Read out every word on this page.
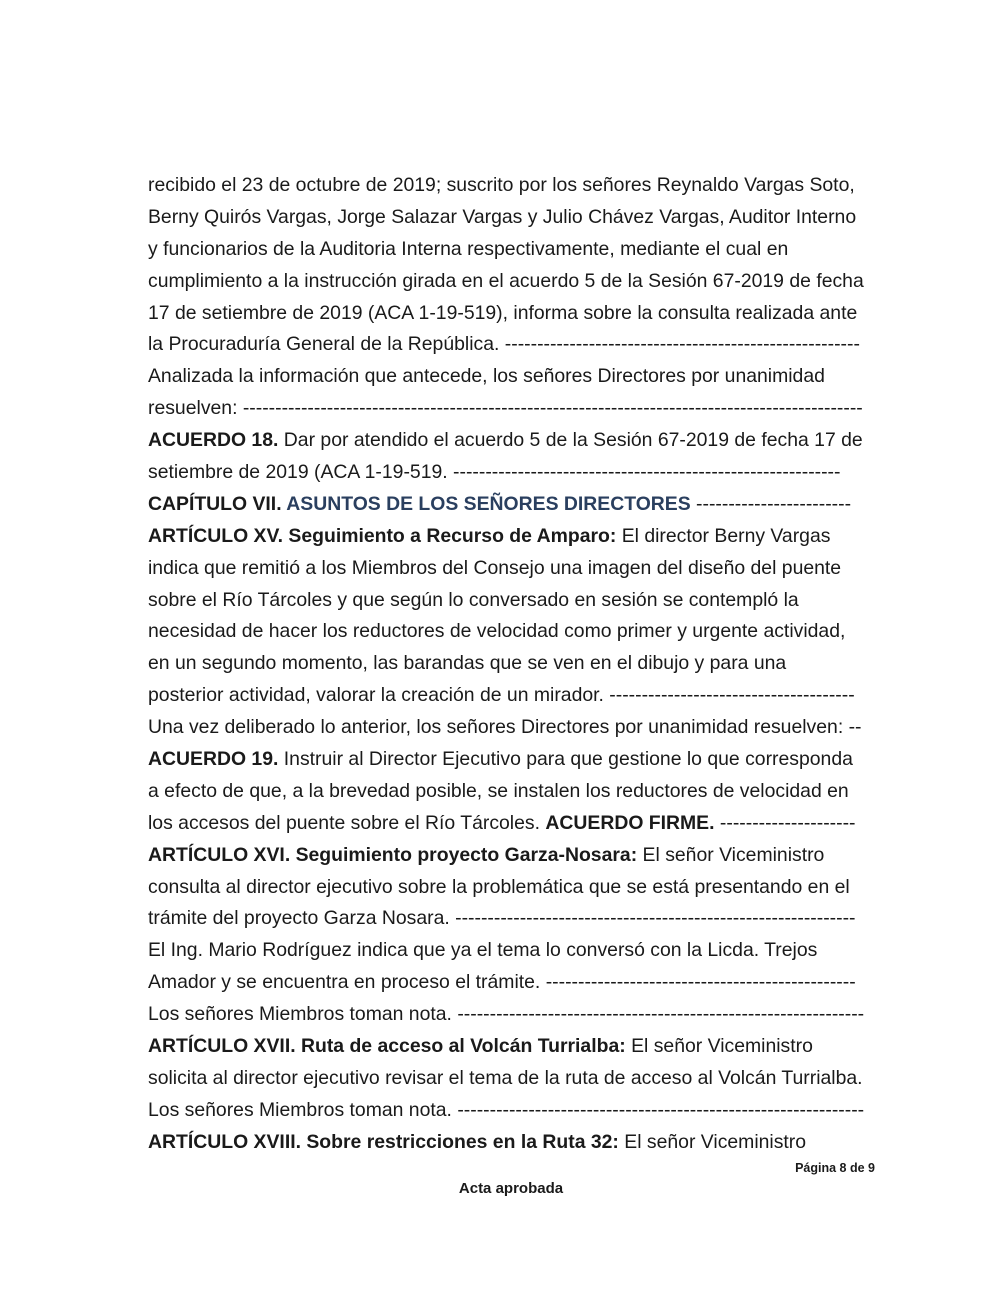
recibido el 23 de octubre de 2019; suscrito por los señores Reynaldo Vargas Soto,
Berny Quirós Vargas, Jorge Salazar Vargas y Julio Chávez Vargas, Auditor Interno
y funcionarios de la Auditoria Interna respectivamente, mediante el cual en
cumplimiento a la instrucción girada en el acuerdo 5 de la Sesión 67-2019 de fecha
17 de setiembre de 2019 (ACA 1-19-519), informa sobre la consulta realizada ante
la Procuraduría General de la República. -------------------------------------------------------
Analizada la información que antecede, los señores Directores por unanimidad
resuelven: ------------------------------------------------------------------------------------------------
ACUERDO 18. Dar por atendido el acuerdo 5 de la Sesión 67-2019 de fecha 17 de
setiembre de 2019 (ACA 1-19-519. ------------------------------------------------------------
CAPÍTULO VII. ASUNTOS DE LOS SEÑORES DIRECTORES ------------------------
ARTÍCULO XV. Seguimiento a Recurso de Amparo: El director Berny Vargas
indica que remitió a los Miembros del Consejo una imagen del diseño del puente
sobre el Río Tárcoles y que según lo conversado en sesión se contempló la
necesidad de hacer los reductores de velocidad como primer y urgente actividad,
en un segundo momento, las barandas que se ven en el dibujo y para una
posterior actividad, valorar la creación de un mirador. --------------------------------------
Una vez deliberado lo anterior, los señores Directores por unanimidad resuelven: --
ACUERDO 19. Instruir al Director Ejecutivo para que gestione lo que corresponda
a efecto de que, a la brevedad posible, se instalen los reductores de velocidad en
los accesos del puente sobre el Río Tárcoles. ACUERDO FIRME. ---------------------
ARTÍCULO XVI. Seguimiento proyecto Garza-Nosara: El señor Viceministro
consulta al director ejecutivo sobre la problemática que se está presentando en el
trámite del proyecto Garza Nosara. --------------------------------------------------------------
El Ing. Mario Rodríguez indica que ya el tema lo conversó con la Licda. Trejos
Amador y se encuentra en proceso el trámite. ------------------------------------------------
Los señores Miembros toman nota. ---------------------------------------------------------------
ARTÍCULO XVII. Ruta de acceso al Volcán Turrialba: El señor Viceministro
solicita al director ejecutivo revisar el tema de la ruta de acceso al Volcán Turrialba.
Los señores Miembros toman nota. ---------------------------------------------------------------
ARTÍCULO XVIII. Sobre restricciones en la Ruta 32: El señor Viceministro
Página 8 de 9
Acta aprobada
